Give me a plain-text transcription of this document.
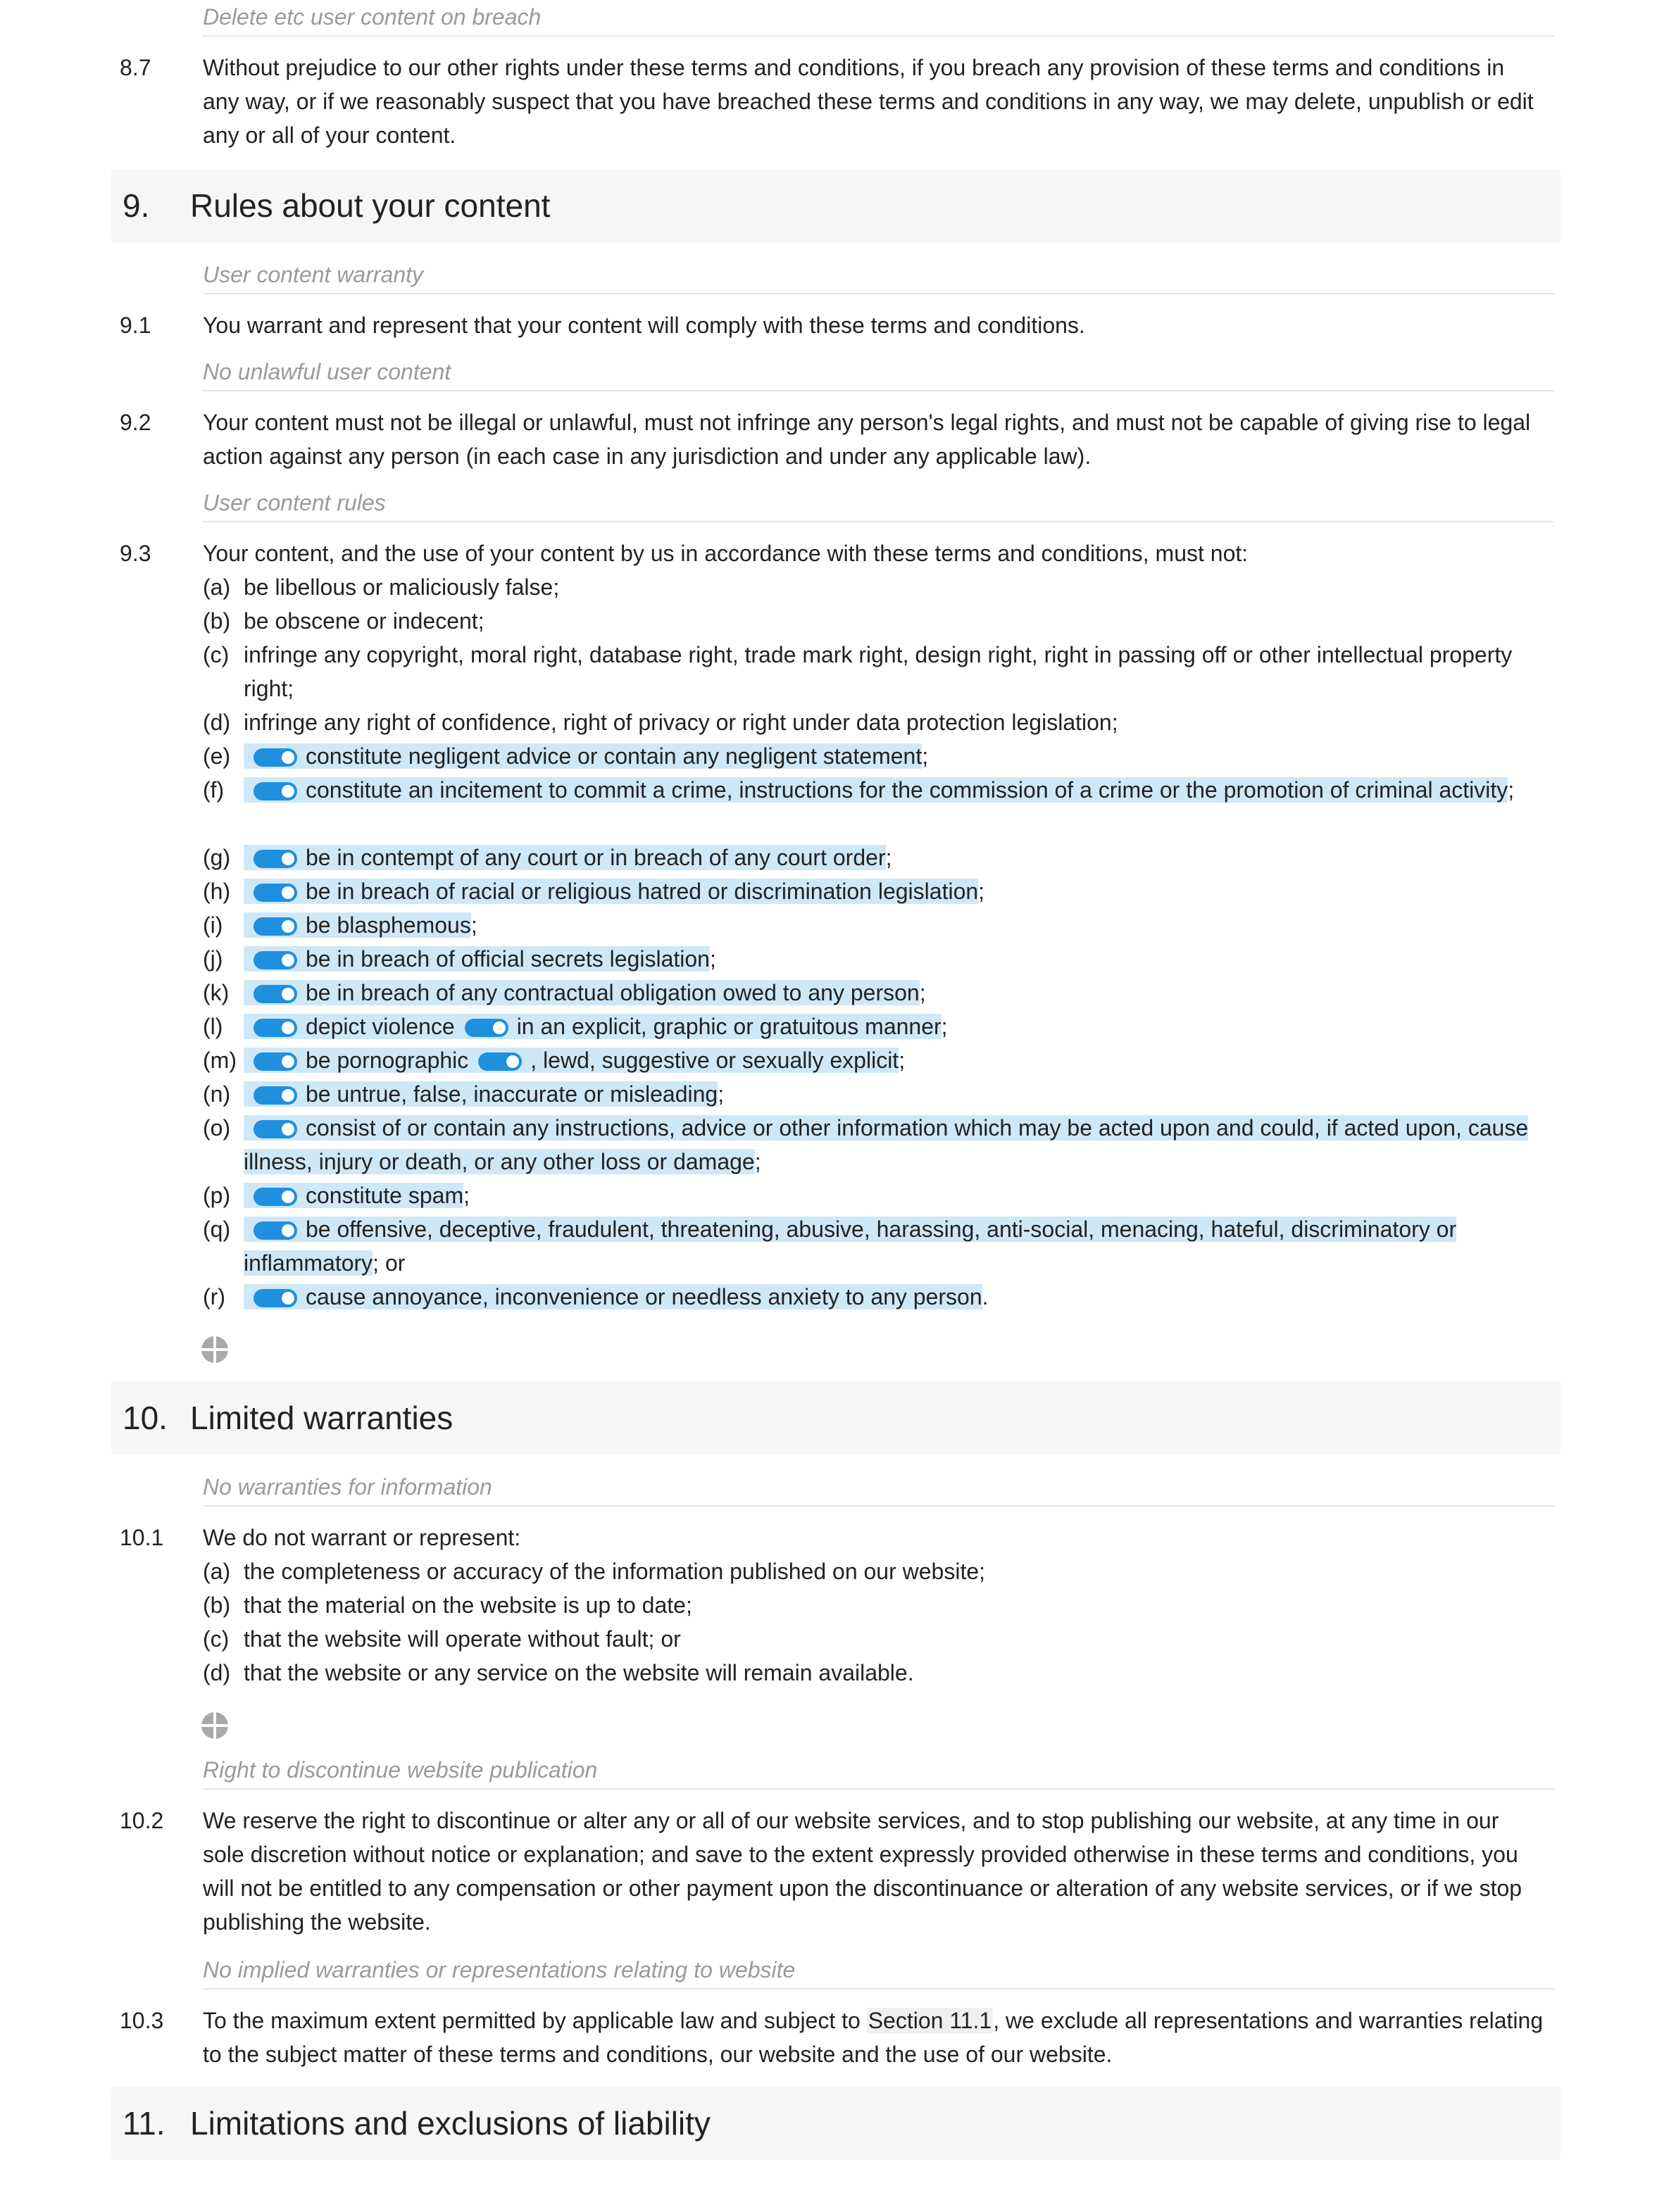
Delete etc user content on breach
8.7 Without prejudice to our other rights under these terms and conditions, if you breach any provision of these terms and conditions in any way, or if we reasonably suspect that you have breached these terms and conditions in any way, we may delete, unpublish or edit any or all of your content.
9. Rules about your content
User content warranty
9.1 You warrant and represent that your content will comply with these terms and conditions.
No unlawful user content
9.2 Your content must not be illegal or unlawful, must not infringe any person's legal rights, and must not be capable of giving rise to legal action against any person (in each case in any jurisdiction and under any applicable law).
User content rules
9.3 Your content, and the use of your content by us in accordance with these terms and conditions, must not:
(a) be libellous or maliciously false;
(b) be obscene or indecent;
(c) infringe any copyright, moral right, database right, trade mark right, design right, right in passing off or other intellectual property right;
(d) infringe any right of confidence, right of privacy or right under data protection legislation;
(e)	constitute negligent advice or contain any negligent statement;
(f)	constitute an incitement to commit a crime, instructions for the commission of a crime or the promotion of criminal activity;
(g)	be in contempt of any court or in breach of any court order;
(h)	be in breach of racial or religious hatred or discrimination legislation;
(i)	be blasphemous;
(j)	be in breach of official secrets legislation;
(k)	be in breach of any contractual obligation owed to any person;
(l)	depict violence	in an explicit, graphic or gratuitous manner;
(m)	be pornographic	, lewd, suggestive or sexually explicit;
(n)	be untrue, false, inaccurate or misleading;
(o)	consist of or contain any instructions, advice or other information which may be acted upon and could, if acted upon, cause illness, injury or death, or any other loss or damage;
(p)	constitute spam;
(q)	be offensive, deceptive, fraudulent, threatening, abusive, harassing, anti-social, menacing, hateful, discriminatory or inflammatory; or
(r)	cause annoyance, inconvenience or needless anxiety to any person.
10. Limited warranties
No warranties for information
10.1 We do not warrant or represent:
(a) the completeness or accuracy of the information published on our website;
(b) that the material on the website is up to date;
(c) that the website will operate without fault; or
(d) that the website or any service on the website will remain available.
Right to discontinue website publication
10.2 We reserve the right to discontinue or alter any or all of our website services, and to stop publishing our website, at any time in our sole discretion without notice or explanation; and save to the extent expressly provided otherwise in these terms and conditions, you will not be entitled to any compensation or other payment upon the discontinuance or alteration of any website services, or if we stop publishing the website.
No implied warranties or representations relating to website
10.3 To the maximum extent permitted by applicable law and subject to Section 11.1, we exclude all representations and warranties relating to the subject matter of these terms and conditions, our website and the use of our website.
11. Limitations and exclusions of liability
